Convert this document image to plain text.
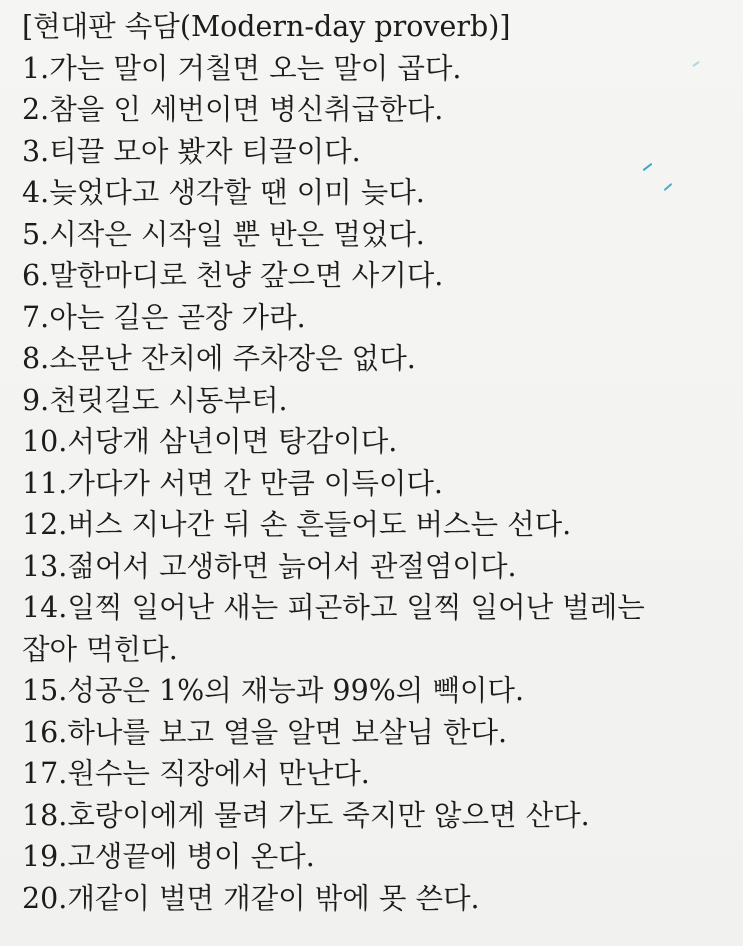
[현대판 속담(Modern-day proverb)]
1.가는 말이 거칠면 오는 말이 곱다.
2.참을 인 세번이면 병신취급한다.
3.티끌 모아 봤자 티끌이다.
4.늦었다고 생각할 땐 이미 늦다.
5.시작은 시작일 뿐 반은 멀었다.
6.말한마디로 천냥 갚으면 사기다.
7.아는 길은 곧장 가라.
8.소문난 잔치에 주차장은 없다.
9.천릿길도 시동부터.
10.서당개 삼년이면 탕감이다.
11.가다가 서면 간 만큼 이득이다.
12.버스 지나간 뒤 손 흔들어도 버스는 선다.
13.젊어서 고생하면 늙어서 관절염이다.
14.일찍 일어난 새는 피곤하고 일찍 일어난 벌레는
잡아 먹힌다.
15.성공은 1%의 재능과 99%의 빽이다.
16.하나를 보고 열을 알면 보살님 한다.
17.원수는 직장에서 만난다.
18.호랑이에게 물려 가도 죽지만 않으면 산다.
19.고생끝에 병이 온다.
20.개같이 벌면 개같이 밖에 못 쓴다.
